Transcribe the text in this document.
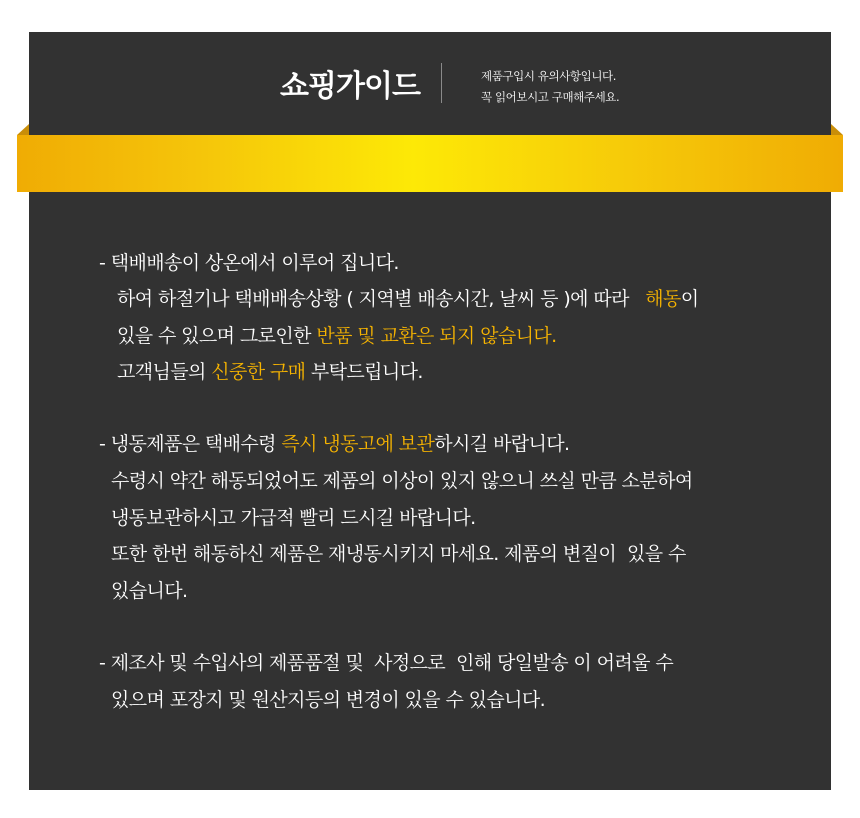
쇼핑가이드	제품구입시 유의사항입니다.
꼭 읽어보시고 구매해주세요.
- 택배배송이 상온에서 이루어 집니다.
하여 하절기나 택배배송상황 ( 지역별 배송시간, 날씨 등 )에 따라   해동이
있을 수 있으며 그로인한 반품 및 교환은 되지 않습니다.
고객님들의 신중한 구매 부탁드립니다.
- 냉동제품은 택배수령 즉시 냉동고에 보관하시길 바랍니다.
수령시 약간 해동되었어도 제품의 이상이 있지 않으니 쓰실 만큼 소분하여
냉동보관하시고 가급적 빨리 드시길 바랍니다.
또한 한번 해동하신 제품은 재냉동시키지 마세요. 제품의 변질이  있을 수
있습니다.
- 제조사 및 수입사의 제품품절 및  사정으로  인해 당일발송 이 어려울 수
있으며 포장지 및 원산지등의 변경이 있을 수 있습니다.
